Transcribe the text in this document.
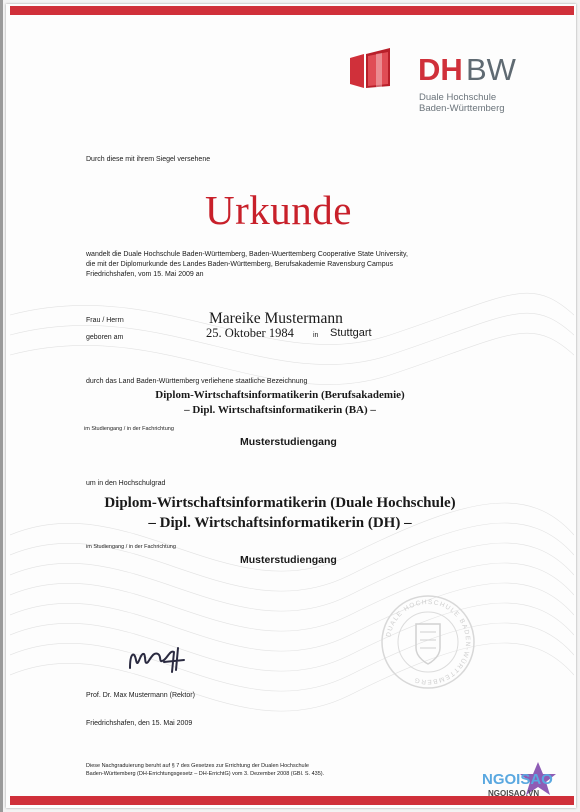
DH BW
Duale Hochschule
Baden-Württemberg
Durch diese mit ihrem Siegel versehene
Urkunde
wandelt die Duale Hochschule Baden-Württemberg, Baden-Wuerttemberg Cooperative State University,
die mit der Diplomurkunde des Landes Baden-Württemberg, Berufsakademie Ravensburg Campus
Friedrichshafen, vom 15. Mai 2009 an
Frau / Herrn	Mareike Mustermann
geboren am	25. Oktober 1984	in Stuttgart
durch das Land Baden-Württemberg verliehene staatliche Bezeichnung
Diplom-Wirtschaftsinformatikerin (Berufsakademie)
– Dipl. Wirtschaftsinformatikerin (BA) –
im Studiengang / in der Fachrichtung
Musterstudiengang
um in den Hochschulgrad
Diplom-Wirtschaftsinformatikerin (Duale Hochschule)
– Dipl. Wirtschaftsinformatikerin (DH) –
im Studiengang / in der Fachrichtung
Musterstudiengang
Prof. Dr. Max Mustermann (Rektor)
Friedrichshafen, den 15. Mai 2009
DUALE HOCHSCHULE BADEN-WÜRTTEMBERG
Diese Nachgraduierung beruht auf § 7 des Gesetzes zur Errichtung der Dualen Hochschule
Baden-Württemberg (DH-Errichtungsgesetz – DH-ErrichtG) vom 3. Dezember 2008 (GBl. S. 435).	NGOISAO
NGOISAO.VN
